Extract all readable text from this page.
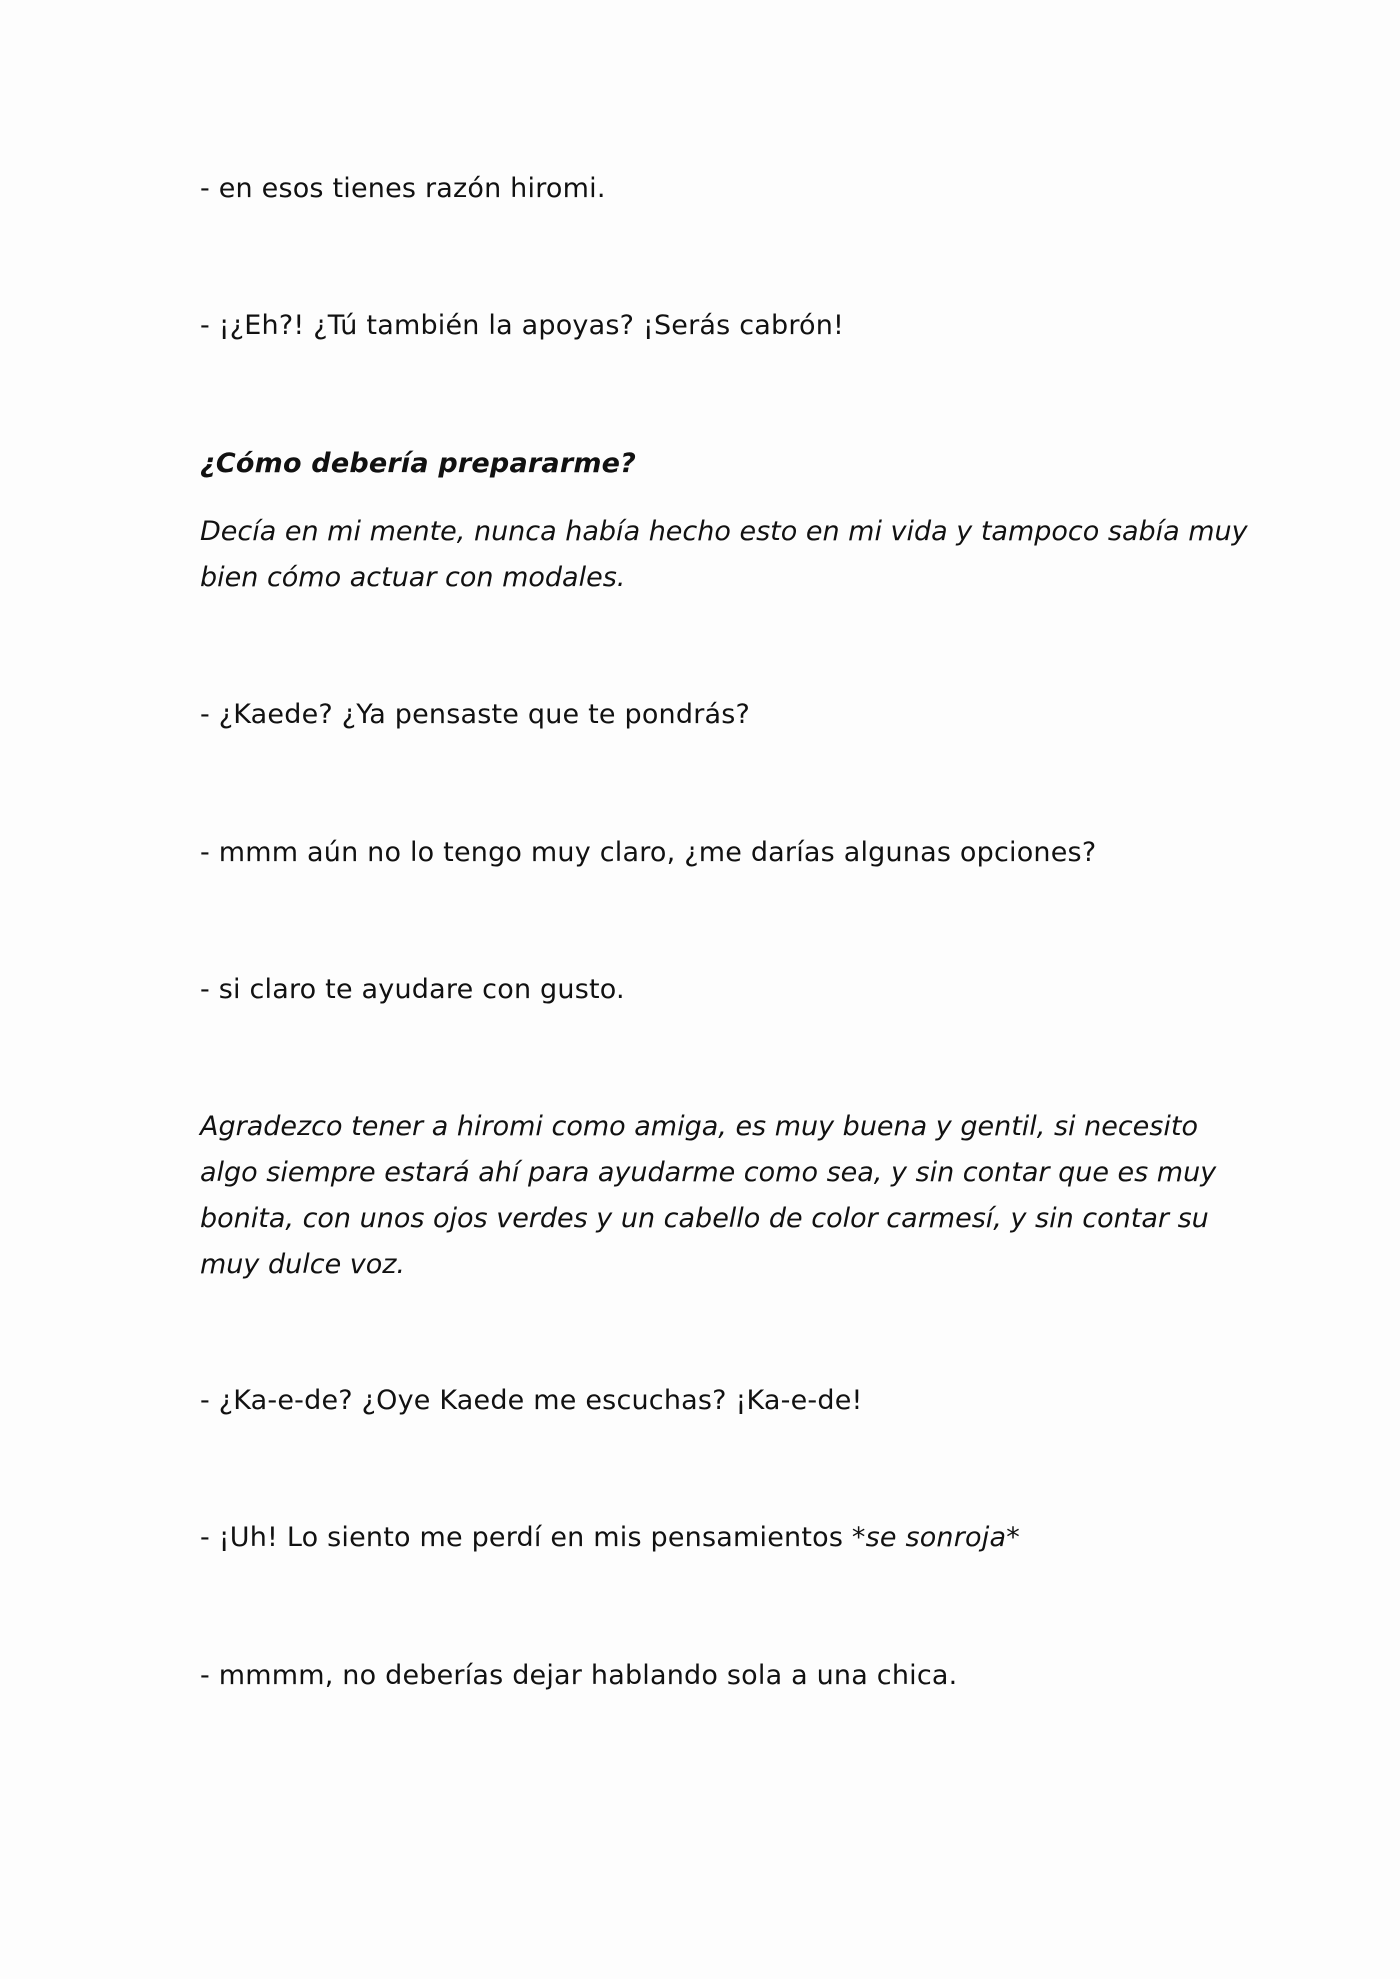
- en esos tienes razón hiromi.
- ¡¿Eh?! ¿Tú también la apoyas? ¡Serás cabrón!
¿Cómo debería prepararme?
Decía en mi mente, nunca había hecho esto en mi vida y tampoco sabía muy
bien cómo actuar con modales.
- ¿Kaede? ¿Ya pensaste que te pondrás?
- mmm aún no lo tengo muy claro, ¿me darías algunas opciones?
- si claro te ayudare con gusto.
Agradezco tener a hiromi como amiga, es muy buena y gentil, si necesito
algo siempre estará ahí para ayudarme como sea, y sin contar que es muy
bonita, con unos ojos verdes y un cabello de color carmesí, y sin contar su
muy dulce voz.
- ¿Ka-e-de? ¿Oye Kaede me escuchas? ¡Ka-e-de!
- ¡Uh! Lo siento me perdí en mis pensamientos *se sonroja*
- mmmm, no deberías dejar hablando sola a una chica.
